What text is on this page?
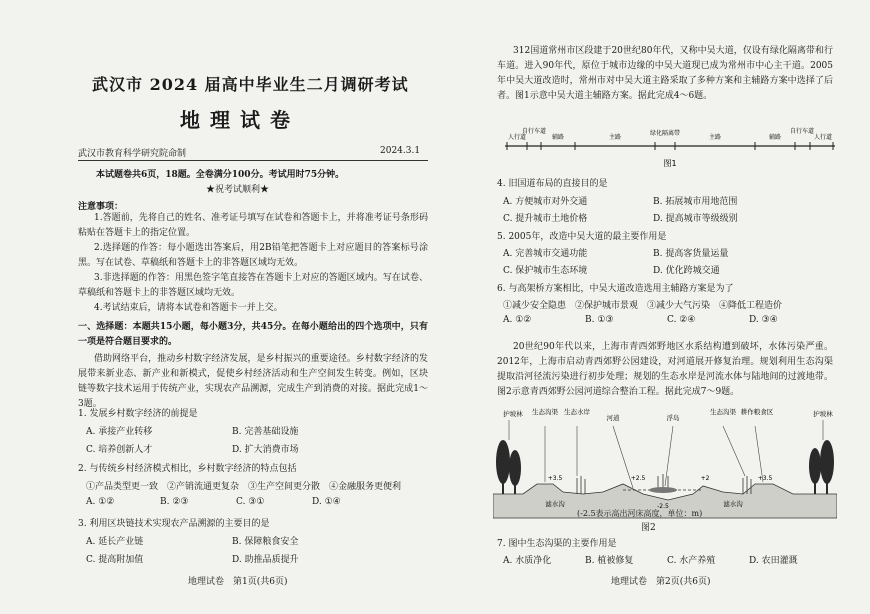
武汉市 2024 届高中毕业生二月调研考试
地理试卷
武汉市教育科学研究院命制	2024.3.1
本试题卷共6页，18题。全卷满分100分。考试用时75分钟。
★祝考试顺利★
注意事项：
1.答题前，先将自己的姓名、准考证号填写在试卷和答题卡上，并将准考证号条形码粘贴在答题卡上的指定位置。
2.选择题的作答：每小题选出答案后，用2B铅笔把答题卡上对应题目的答案标号涂黑。写在试卷、草稿纸和答题卡上的非答题区域均无效。
3.非选择题的作答：用黑色签字笔直接答在答题卡上对应的答题区域内。写在试卷、草稿纸和答题卡上的非答题区域均无效。
4.考试结束后，请将本试卷和答题卡一并上交。
一、选择题：本题共15小题，每小题3分，共45分。在每小题给出的四个选项中，只有一项是符合题目要求的。
借助网络平台，推动乡村数字经济发展，是乡村振兴的重要途径。乡村数字经济的发展带来新业态、新产业和新模式，促使乡村经济活动和生产空间发生转变。例如，区块链等数字技术运用于传统产业，实现农产品溯源，完成生产到消费的对接。据此完成1～3题。
1. 发展乡村数字经济的前提是
A. 承接产业转移	B. 完善基础设施
C. 培养创新人才	D. 扩大消费市场
2. 与传统乡村经济模式相比，乡村数字经济的特点包括
①产品类型更一致　②产销流通更复杂　③生产空间更分散　④金融服务更便利
A. ①②	B. ②③	C. ③①	D. ①④
3. 利用区块链技术实现农产品溯源的主要目的是
A. 延长产业链	B. 保障粮食安全
C. 提高附加值	D. 助推品质提升
地理试卷　第1页(共6页)
312国道常州市区段建于20世纪80年代，又称中吴大道，仅设有绿化隔离带和行车道。进入90年代，原位于城市边缘的中吴大道现已成为常州市中心主干道。2005年中吴大道改造时，常州市对中吴大道主路采取了多种方案和主辅路方案中选择了后者。图1示意中吴大道主辅路方案。据此完成4～6题。
人行道
自行车道
辅路	主路
绿化隔离带
主路	辅路
自行车道
人行道
图1
4. 旧国道布局的直接目的是
A. 方便城市对外交通	B. 拓展城市用地范围
C. 提升城市土地价格	D. 提高城市等级级别
5. 2005年，改造中吴大道的最主要作用是
A. 完善城市交通功能	B. 提高客货量运量
C. 保护城市生态环境	D. 优化跨城交通
6. 与高架桥方案相比，中吴大道改造选用主辅路方案是为了
①减少安全隐患　②保护城市景观　③减少大气污染　④降低工程造价
A. ①②	B. ①③	C. ②④	D. ③④
20世纪90年代以来，上海市青西郊野地区水系结构遭到破坏，水体污染严重。2012年，上海市启动青西郊野公园建设，对河道展开修复治理。规划利用生态沟渠提取沿河径流污染进行初步处理；规划的生态水岸是河流水体与陆地间的过渡地带。图2示意青西郊野公园河道综合整治工程。据此完成7～9题。
护坡林 生态沟渠 生态水岸
河道	浮岛
生态沟渠 耕作粮食区	护坡林
+3.5	+2.5	+3.5
-2.5
+2
滤水沟	滤水沟
(-2.5表示高出河床高度，单位：m)
图2
7. 图中生态沟渠的主要作用是
A. 水质净化	B. 植被修复	C. 水产养殖	D. 农田灌溉
地理试卷　第2页(共6页)
